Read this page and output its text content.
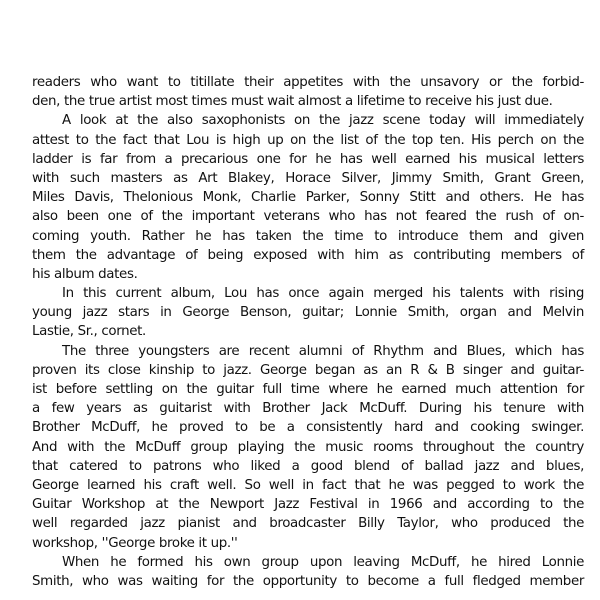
readers who want to titillate their appetites with the unsavory or the forbid-
den, the true artist most times must wait almost a lifetime to receive his just due.
A look at the also saxophonists on the jazz scene today will immediately
attest to the fact that Lou is high up on the list of the top ten. His perch on the
ladder is far from a precarious one for he has well earned his musical letters
with such masters as Art Blakey, Horace Silver, Jimmy Smith, Grant Green,
Miles Davis, Thelonious Monk, Charlie Parker, Sonny Stitt and others. He has
also been one of the important veterans who has not feared the rush of on-
coming youth. Rather he has taken the time to introduce them and given
them the advantage of being exposed with him as contributing members of
his album dates.
In this current album, Lou has once again merged his talents with rising
young jazz stars in George Benson, guitar; Lonnie Smith, organ and Melvin
Lastie, Sr., cornet.
The three youngsters are recent alumni of Rhythm and Blues, which has
proven its close kinship to jazz. George began as an R & B singer and guitar-
ist before settling on the guitar full time where he earned much attention for
a few years as guitarist with Brother Jack McDuff. During his tenure with
Brother McDuff, he proved to be a consistently hard and cooking swinger.
And with the McDuff group playing the music rooms throughout the country
that catered to patrons who liked a good blend of ballad jazz and blues,
George learned his craft well. So well in fact that he was pegged to work the
Guitar Workshop at the Newport Jazz Festival in 1966 and according to the
well regarded jazz pianist and broadcaster Billy Taylor, who produced the
workshop, ''George broke it up.''
When he formed his own group upon leaving McDuff, he hired Lonnie
Smith, who was waiting for the opportunity to become a full fledged member
